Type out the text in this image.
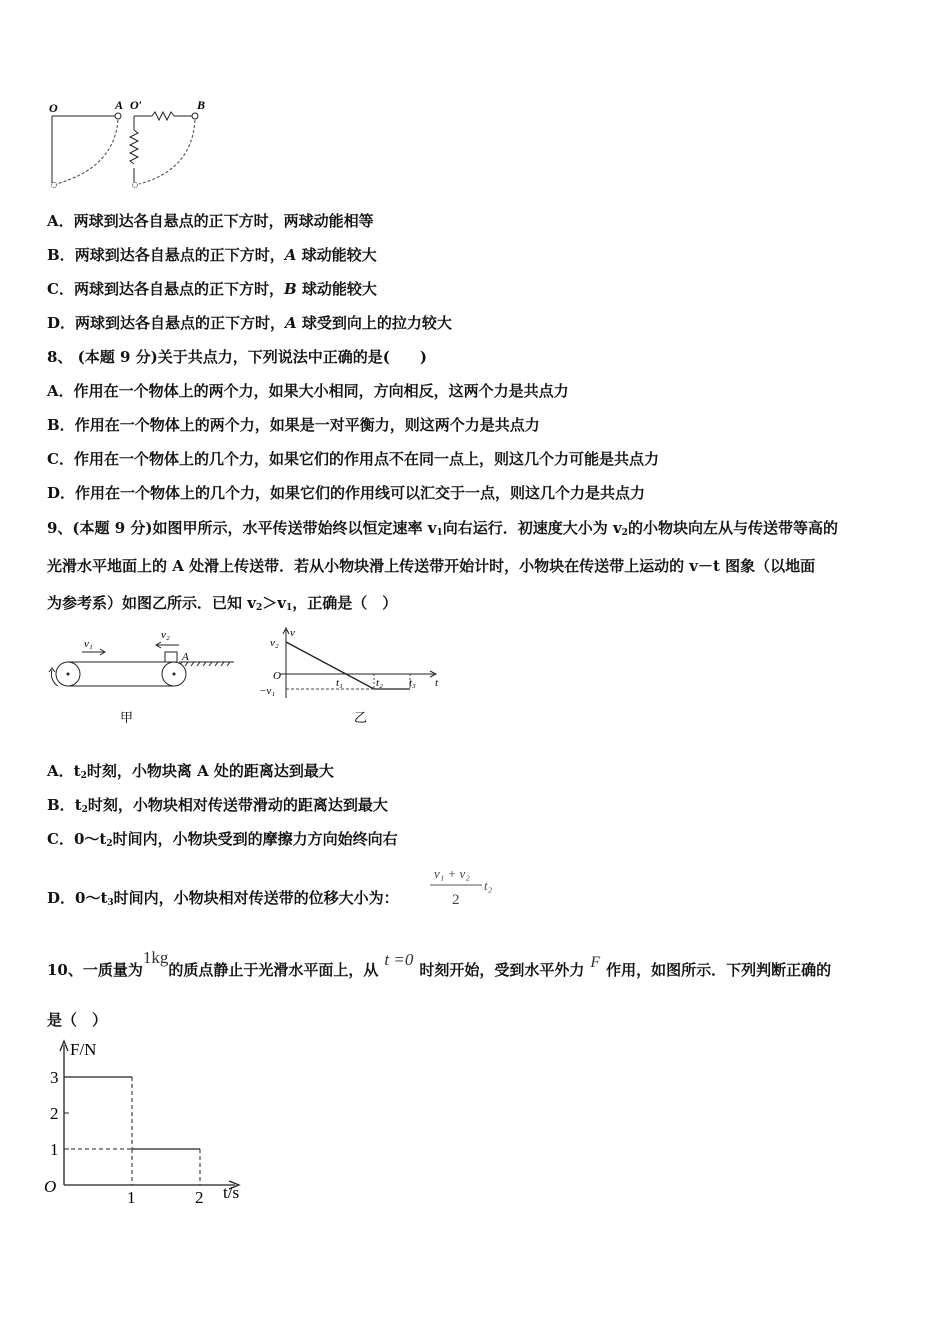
O	A O′	B
A．两球到达各自悬点的正下方时，两球动能相等
B．两球到达各自悬点的正下方时，A 球动能较大
C．两球到达各自悬点的正下方时，B 球动能较大
D．两球到达各自悬点的正下方时，A 球受到向上的拉力较大
8、 (本题 9 分)关于共点力，下列说法中正确的是(　　)
A．作用在一个物体上的两个力，如果大小相同，方向相反，这两个力是共点力
B．作用在一个物体上的两个力，如果是一对平衡力，则这两个力是共点力
C．作用在一个物体上的几个力，如果它们的作用点不在同一点上，则这几个力可能是共点力
D．作用在一个物体上的几个力，如果它们的作用线可以汇交于一点，则这几个力是共点力
9、(本题 9 分)如图甲所示，水平传送带始终以恒定速率 $v_1$向右运行．初速度大小为 $v_2$的小物块向左从与传送带等高的
光滑水平地面上的 A 处滑上传送带．若从小物块滑上传送带开始计时，小物块在传送带上运动的 v－t 图象（以地面
为参考系）如图乙所示．已知 $v_2>v_1$，正确是（　）
v₁
v₂
A
甲
v
t
v₂
O
−v₁
t₁	t₂ t₃
乙
A．$t_2$时刻，小物块离 A 处的距离达到最大
B．$t_2$时刻，小物块相对传送带滑动的距离达到最大
C．$0\sim t_2$时间内，小物块受到的摩擦力方向始终向右
D．$0\sim t_3$时间内，小物块相对传送带的位移大小为：
v₁ + v₂
2
t₂
10、一质量为1kg的质点静止于光滑水平面上，从t =0时刻开始，受到水平外力 F 作用，如图所示．下列判断正确的
是（　）
F/N
t/s
O
1
2
3
1	2
